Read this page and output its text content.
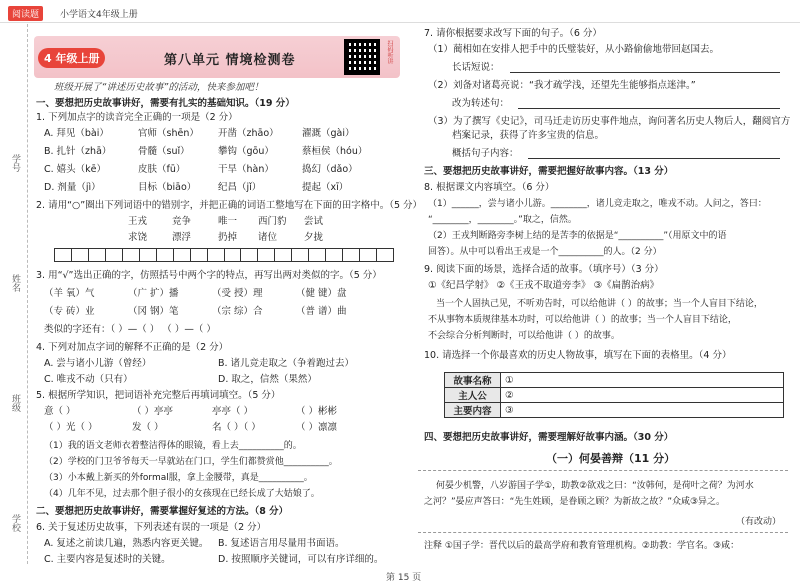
阅读题	小学语文4年级上册
学号
姓名
班级
学校
4 年级上册	第八单元 情境检测卷	扫码听讲
班级开展了“讲述历史故事”的活动，快来参加吧！
一、要想把历史故事讲好，需要有扎实的基础知识。（19 分）
1. 下列加点字的读音完全正确的一项是（2 分）
A. 拜见（bài）	官师（shēn） 开凿（zhāo） 濯溉（gài）
B. 扎针（zhā）	骨髓（suǐ）	攀钩（gōu）	蔡桓侯（hóu）
C. 嬉头（kē）	皮肤（fū）	干旱（hàn）	捣幻（dǎo）
D. 剂量（jì）	目标（biāo） 纪昌（jǐ）	提起（xī）
2. 请用“○”圈出下列词语中的错别字，并把正确的词语工整地写在下面的田字格中。（5 分）
王戎	竞争	唯一 西门豹 尝试
求饶	漂浮	扔掉 诸位	夕拢
3. 用“√”选出正确的字，仿照括号中两个字的特点，再写出两对类似的字。（5 分）
（羊 氧）气	（广 扩）播	（受 授）理	（健 键）盘
（专 砖）业	（冈 钢）笔	（宗 综）合	（普 谱）曲
类似的字还有：（ ）—（ ） （ ）—（ ）
4. 下列对加点字词的解释不正确的是（2 分）
A. 尝与诸小儿游（曾经）	B. 诸儿竞走取之（争着跑过去）
C. 唯戎不动（只有）	D. 取之，信然（果然）
5. 根据所学知识，把词语补充完整后再填词填空。（5 分）
意（ ）	（ ）亭亭	亭亭（ ）	（ ）彬彬
（ ）光（ ）	发（ ）	名（ ）（ ）	（ ）凛凛
（1）我的语文老师衣着整洁得体的眼镜，看上去__________的。
（2）学校的门卫爷爷每天一早就站在门口，学生们都赞赏他__________。
（3）小本戴上新买的外formal服，拿上金腰带，真是__________。
（4）几年不见，过去那个胆子很小的女孩现在已经长成了大姑娘了。
二、要想把历史故事讲好，需要掌握好复述的方法。（8 分）
6. 关于复述历史故事，下列表述有误的一项是（2 分）
A. 复述之前读几遍，熟悉内容更关键。 B. 复述语言用尽量用书面语。
C. 主要内容是复述时的关键。	D. 按照顺序关键词，可以有序详细的。
7. 请你根据要求改写下面的句子。（6 分）
（1）蔺相如在安排人把手中的氏璧装好，从小路偷偷地带回赵国去。
长话短说：
（2）刘备对诸葛亮说：“我才疏学浅，还望先生能够指点迷津。”
改为转述句：
（3）为了撰写《史记》，司马迁走访历史事件地点，询问著名历史人物后人，翻阅官方
档案记录，获得了许多宝贵的信息。
概括句子内容：
三、要想把历史故事讲好，需要把握好故事内容。（13 分）
8. 根据课文内容填空。（6 分）
（1）______，尝与诸小儿游。________，诸儿竞走取之，唯戎不动。人问之，答曰：
“________，________。”取之，信然。
（2）王戎判断路旁李树上结的是苦李的依据是“__________”（用原文中的语
回答）。从中可以看出王戎是一个__________的人。（2 分）
9. 阅读下面的场景，选择合适的故事。（填序号）（3 分）
①《纪昌学射》 ②《王戎不取道旁李》 ③《扁鹊治病》
当一个人固执己见，不听劝告时，可以给他讲（ ）的故事；当一个人盲目下结论，
不从事物本质规律基本功时，可以给他讲（ ）的故事；当一个人盲目下结论，
不会综合分析判断时，可以给他讲（ ）的故事。
10. 请选择一个你最喜欢的历史人物故事，填写在下面的表格里。（4 分）
故事名称	①
主人公	②
主要内容	③
四、要想把历史故事讲好，需要理解好故事内涵。（30 分）
（一）何晏善辩（11 分）
何晏少机警，八岁游国子学①，助教②欲戏之曰：“汝韩何，是荷叶之荷？为河水
之河？”晏应声答曰：“先生姓顾，是眷顾之顾？为新故之故？”众咸③异之。
（有改动）
注释 ①国子学：晋代以后的最高学府和教育管理机构。②助教：学官名。③咸：
第 15 页
